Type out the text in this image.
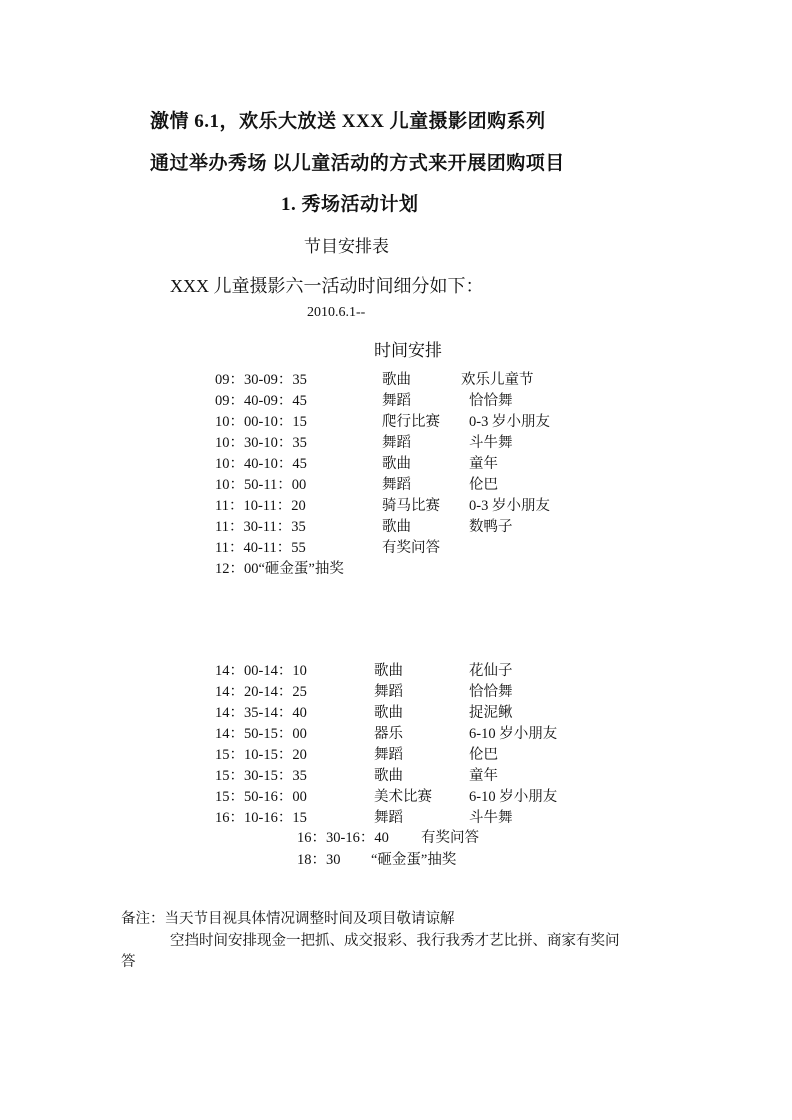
激情 6.1，欢乐大放送 XXX 儿童摄影团购系列
通过举办秀场 以儿童活动的方式来开展团购项目
1. 秀场活动计划
节目安排表
XXX 儿童摄影六一活动时间细分如下：
2010.6.1--
时间安排
09：30-09：35	歌曲	欢乐儿童节
09：40-09：45	舞蹈	恰恰舞
10：00-10：15	爬行比赛 0-3 岁小朋友
10：30-10：35	舞蹈	斗牛舞
10：40-10：45	歌曲	童年
10：50-11：00	舞蹈	伦巴
11：10-11：20	骑马比赛 0-3 岁小朋友
11：30-11：35	歌曲	数鸭子
11：40-11：55	有奖问答
12：00“砸金蛋”抽奖
14：00-14：10	歌曲	花仙子
14：20-14：25	舞蹈	恰恰舞
14：35-14：40	歌曲	捉泥鳅
14：50-15：00	器乐	6-10 岁小朋友
15：10-15：20	舞蹈	伦巴
15：30-15：35	歌曲	童年
15：50-16：00	美术比赛	6-10 岁小朋友
16：10-16：15	舞蹈	斗牛舞
16：30-16：40 有奖问答
18：30 “砸金蛋”抽奖
备注：当天节目视具体情况调整时间及项目敬请谅解
空挡时间安排现金一把抓、成交报彩、我行我秀才艺比拼、商家有奖问
答
